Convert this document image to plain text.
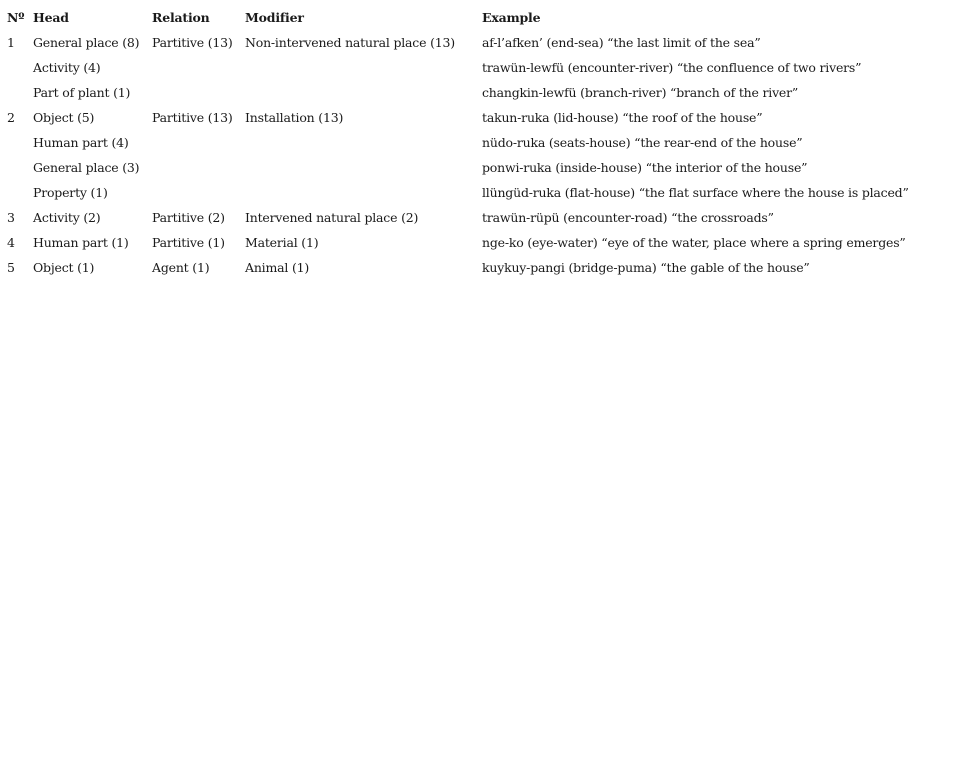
Nº	Head	Relation	Modifier	Example
1	General place (8)	Partitive (13)	Non-intervened natural place (13)	af-l’afken’ (end-sea) “the last limit of the sea”
	Activity (4)			trawün-lewfü (encounter-river) “the confluence of two rivers”
	Part of plant (1)			changkin-lewfü (branch-river) “branch of the river”
2	Object (5)	Partitive (13)	Installation (13)	takun-ruka (lid-house) “the roof of the house”
	Human part (4)			nüdo-ruka (seats-house) “the rear-end of the house”
	General place (3)			ponwi-ruka (inside-house) “the interior of the house”
	Property (1)			llüngüd-ruka (flat-house) “the flat surface where the house is placed”
3	Activity (2)	Partitive (2)	Intervened natural place (2)	trawün-rüpü (encounter-road) “the crossroads”
4	Human part (1)	Partitive (1)	Material (1)	nge-ko (eye-water) “eye of the water, place where a spring emerges”
5	Object (1)	Agent (1)	Animal (1)	kuykuy-pangi (bridge-puma) “the gable of the house”
